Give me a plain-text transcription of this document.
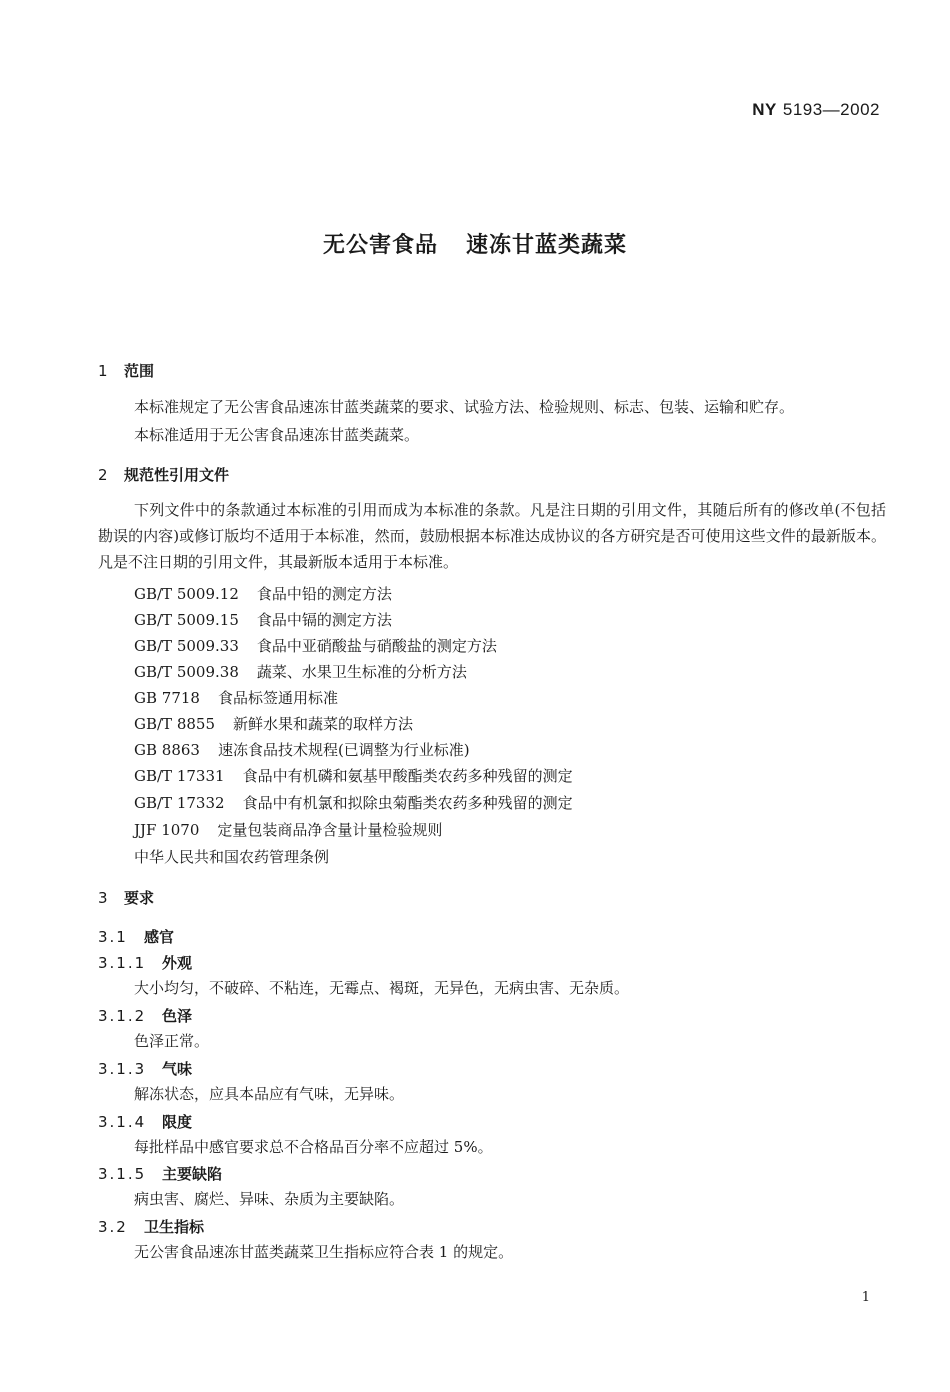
NY 5193—2002
无公害食品 速冻甘蓝类蔬菜
1 范围
本标准规定了无公害食品速冻甘蓝类蔬菜的要求、试验方法、检验规则、标志、包装、运输和贮存。
本标准适用于无公害食品速冻甘蓝类蔬菜。
2 规范性引用文件
下列文件中的条款通过本标准的引用而成为本标准的条款。凡是注日期的引用文件，其随后所有的修改单(不包括勘误的内容)或修订版均不适用于本标准，然而，鼓励根据本标准达成协议的各方研究是否可使用这些文件的最新版本。凡是不注日期的引用文件，其最新版本适用于本标准。
GB/T 5009.12 食品中铅的测定方法
GB/T 5009.15 食品中镉的测定方法
GB/T 5009.33 食品中亚硝酸盐与硝酸盐的测定方法
GB/T 5009.38 蔬菜、水果卫生标准的分析方法
GB 7718 食品标签通用标准
GB/T 8855 新鲜水果和蔬菜的取样方法
GB 8863 速冻食品技术规程(已调整为行业标准)
GB/T 17331 食品中有机磷和氨基甲酸酯类农药多种残留的测定
GB/T 17332 食品中有机氯和拟除虫菊酯类农药多种残留的测定
JJF 1070 定量包装商品净含量计量检验规则
中华人民共和国农药管理条例
3 要求
3.1 感官
3.1.1 外观
大小均匀，不破碎、不粘连，无霉点、褐斑，无异色，无病虫害、无杂质。
3.1.2 色泽
色泽正常。
3.1.3 气味
解冻状态，应具本品应有气味，无异味。
3.1.4 限度
每批样品中感官要求总不合格品百分率不应超过 5%。
3.1.5 主要缺陷
病虫害、腐烂、异味、杂质为主要缺陷。
3.2 卫生指标
无公害食品速冻甘蓝类蔬菜卫生指标应符合表 1 的规定。
1
